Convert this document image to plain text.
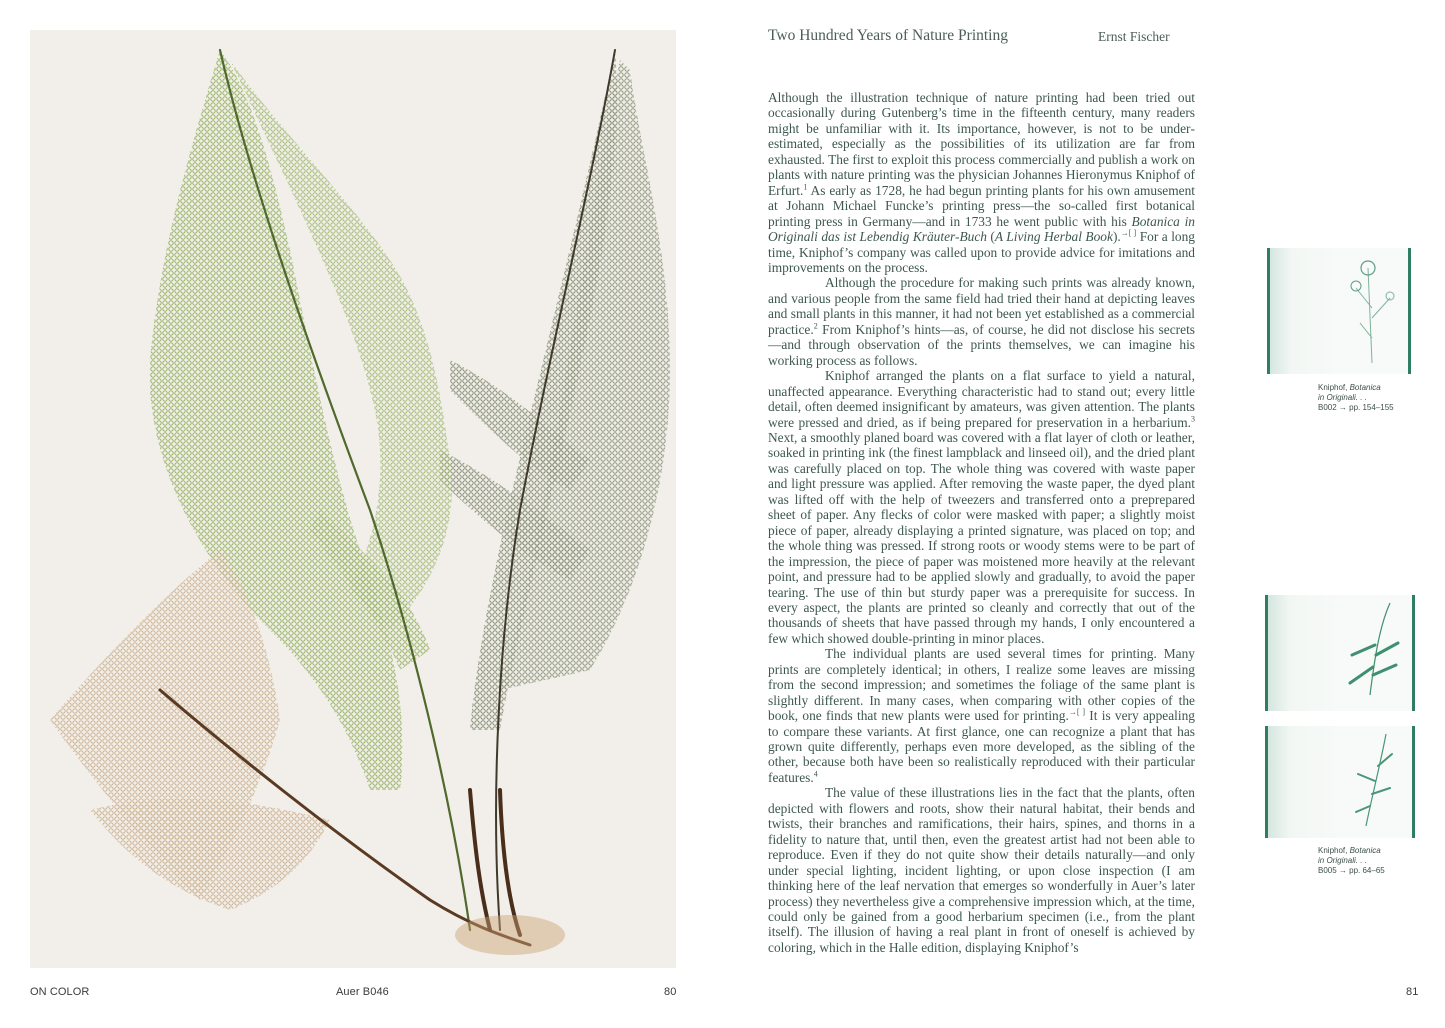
ON COLOR	Auer B046	80
Two Hundred Years of Nature Printing	Ernst Fischer

Although the illustration technique of nature printing had been tried out occasionally during Gutenberg’s time in the fifteenth century, many readers might be unfamiliar with it. Its importance, however, is not to be underestimated, especially as the possibilities of its utilization are far from exhausted. The first to exploit this process commercially and publish a work on plants with nature printing was the physician Johannes Hieronymus Kniphof of Erfurt.$^1$ As early as 1728, he had begun printing plants for his own amusement at Johann Michael Funcke’s printing press—the so-called first botanical printing press in Germany—and in 1733 he went public with his Botanica in Originali das ist Lebendig Kräuter-Buch (A Living Herbal Book).→[ ] For a long time, Kniphof’s company was called upon to provide advice for imitations and improvements on the process.

Although the procedure for making such prints was already known, and various people from the same field had tried their hand at depicting leaves and small plants in this manner, it had not been yet established as a commercial practice.$^2$ From Kniphof’s hints—as, of course, he did not disclose his secrets—and through observation of the prints themselves, we can imagine his working process as follows.

Kniphof arranged the plants on a flat surface to yield a natural, unaffected appearance. Everything characteristic had to stand out; every little detail, often deemed insignificant by amateurs, was given attention. The plants were pressed and dried, as if being prepared for preservation in a herbarium.$^3$ Next, a smoothly planed board was covered with a flat layer of cloth or leather, soaked in printing ink (the finest lampblack and linseed oil), and the dried plant was carefully placed on top. The whole thing was covered with waste paper and light pressure was applied. After removing the waste paper, the dyed plant was lifted off with the help of tweezers and transferred onto a preprepared sheet of paper. Any flecks of color were masked with paper; a slightly moist piece of paper, already displaying a printed signature, was placed on top; and the whole thing was pressed. If strong roots or woody stems were to be part of the impression, the piece of paper was moistened more heavily at the relevant point, and pressure had to be applied slowly and gradually, to avoid the paper tearing. The use of thin but sturdy paper was a prerequisite for success. In every aspect, the plants are printed so cleanly and correctly that out of the thousands of sheets that have passed through my hands, I only encountered a few which showed double-printing in minor places.

The individual plants are used several times for printing. Many prints are completely identical; in others, I realize some leaves are missing from the second impression; and sometimes the foliage of the same plant is slightly different. In many cases, when comparing with other copies of the book, one finds that new plants were used for printing.→[ ] It is very appealing to compare these variants. At first glance, one can recognize a plant that has grown quite differently, perhaps even more developed, as the sibling of the other, because both have been so realistically reproduced with their particular features.$^4$

The value of these illustrations lies in the fact that the plants, often depicted with flowers and roots, show their natural habitat, their bends and twists, their branches and ramifications, their hairs, spines, and thorns in a fidelity to nature that, until then, even the greatest artist had not been able to reproduce. Even if they do not quite show their details naturally—and only under special lighting, incident lighting, or upon close inspection (I am thinking here of the leaf nervation that emerges so wonderfully in Auer’s later process) they nevertheless give a comprehensive impression which, at the time, could only be gained from a good herbarium specimen (i.e., from the plant itself). The illusion of having a real plant in front of oneself is achieved by coloring, which in the Halle edition, displaying Kniphof’s

Kniphof, Botanica
in Originali. . .
B002 → pp. 154–155
Kniphof, Botanica
in Originali. . .
B005 → pp. 64–65
81
